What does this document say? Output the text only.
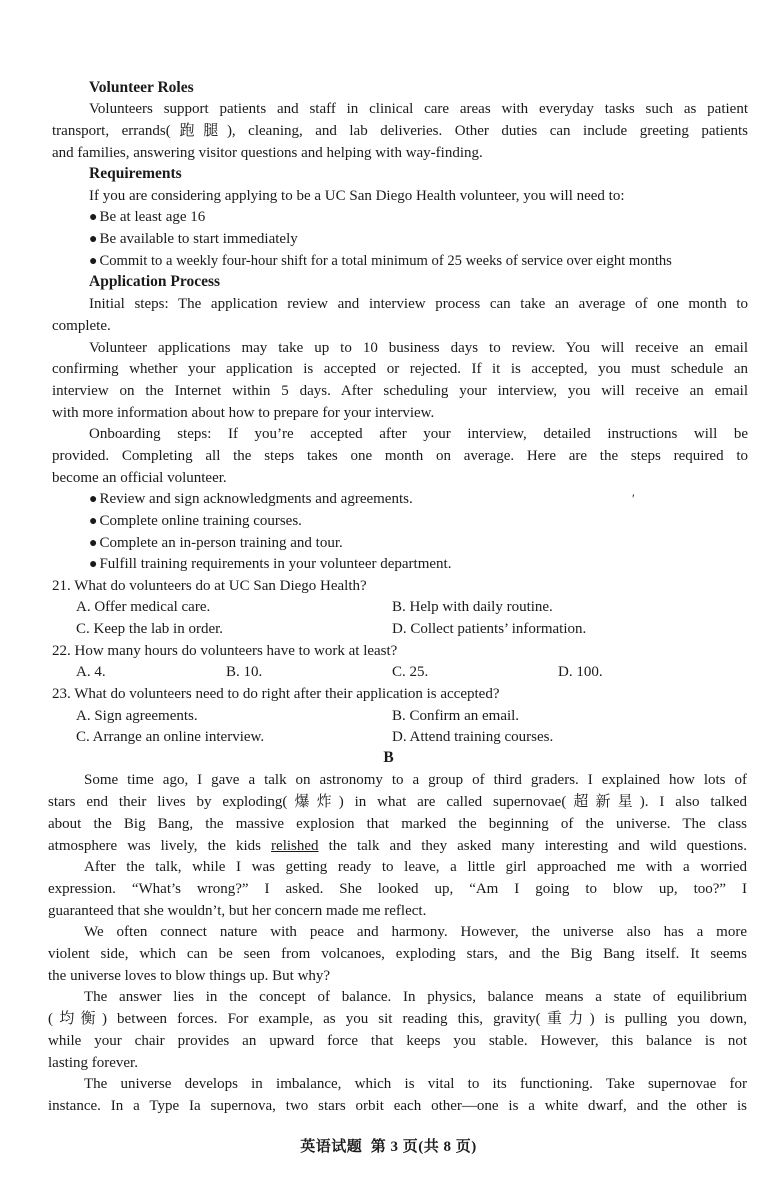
Volunteer Roles
Volunteers support patients and staff in clinical care areas with everyday tasks such as patient
transport, errands(跑腿), cleaning, and lab deliveries. Other duties can include greeting patients
and families, answering visitor questions and helping with way-finding.
Requirements
If you are considering applying to be a UC San Diego Health volunteer, you will need to:
● Be at least age 16
● Be available to start immediately
● Commit to a weekly four-hour shift for a total minimum of 25 weeks of service over eight months
Application Process
Initial steps: The application review and interview process can take an average of one month to
complete.
Volunteer applications may take up to 10 business days to review. You will receive an email
confirming whether your application is accepted or rejected. If it is accepted, you must schedule an
interview on the Internet within 5 days. After scheduling your interview, you will receive an email
with more information about how to prepare for your interview.
Onboarding steps: If you’re accepted after your interview, detailed instructions will be
provided. Completing all the steps takes one month on average. Here are the steps required to
become an official volunteer.
● Review and sign acknowledgments and agreements.	′
● Complete online training courses.
● Complete an in-person training and tour.
● Fulfill training requirements in your volunteer department.
21. What do volunteers do at UC San Diego Health?
A. Offer medical care.	B. Help with daily routine.
C. Keep the lab in order.	D. Collect patients’ information.
22. How many hours do volunteers have to work at least?
A. 4.	B. 10.	C. 25.	D. 100.
23. What do volunteers need to do right after their application is accepted?
A. Sign agreements.	B. Confirm an email.
C. Arrange an online interview.	D. Attend training courses.
B
Some time ago, I gave a talk on astronomy to a group of third graders. I explained how lots of
stars end their lives by exploding(爆炸) in what are called supernovae(超新星). I also talked
about the Big Bang, the massive explosion that marked the beginning of the universe. The class
atmosphere was lively, the kids relished the talk and they asked many interesting and wild questions.
After the talk, while I was getting ready to leave, a little girl approached me with a worried
expression. “What’s wrong?” I asked. She looked up, “Am I going to blow up, too?” I
guaranteed that she wouldn’t, but her concern made me reflect.
We often connect nature with peace and harmony. However, the universe also has a more
violent side, which can be seen from volcanoes, exploding stars, and the Big Bang itself. It seems
the universe loves to blow things up. But why?
The answer lies in the concept of balance. In physics, balance means a state of equilibrium
(均衡) between forces. For example, as you sit reading this, gravity(重力) is pulling you down,
while your chair provides an upward force that keeps you stable. However, this balance is not
lasting forever.
The universe develops in imbalance, which is vital to its functioning. Take supernovae for
instance. In a Type Ia supernova, two stars orbit each other—one is a white dwarf, and the other is
英语试题  第 3 页(共 8 页)
